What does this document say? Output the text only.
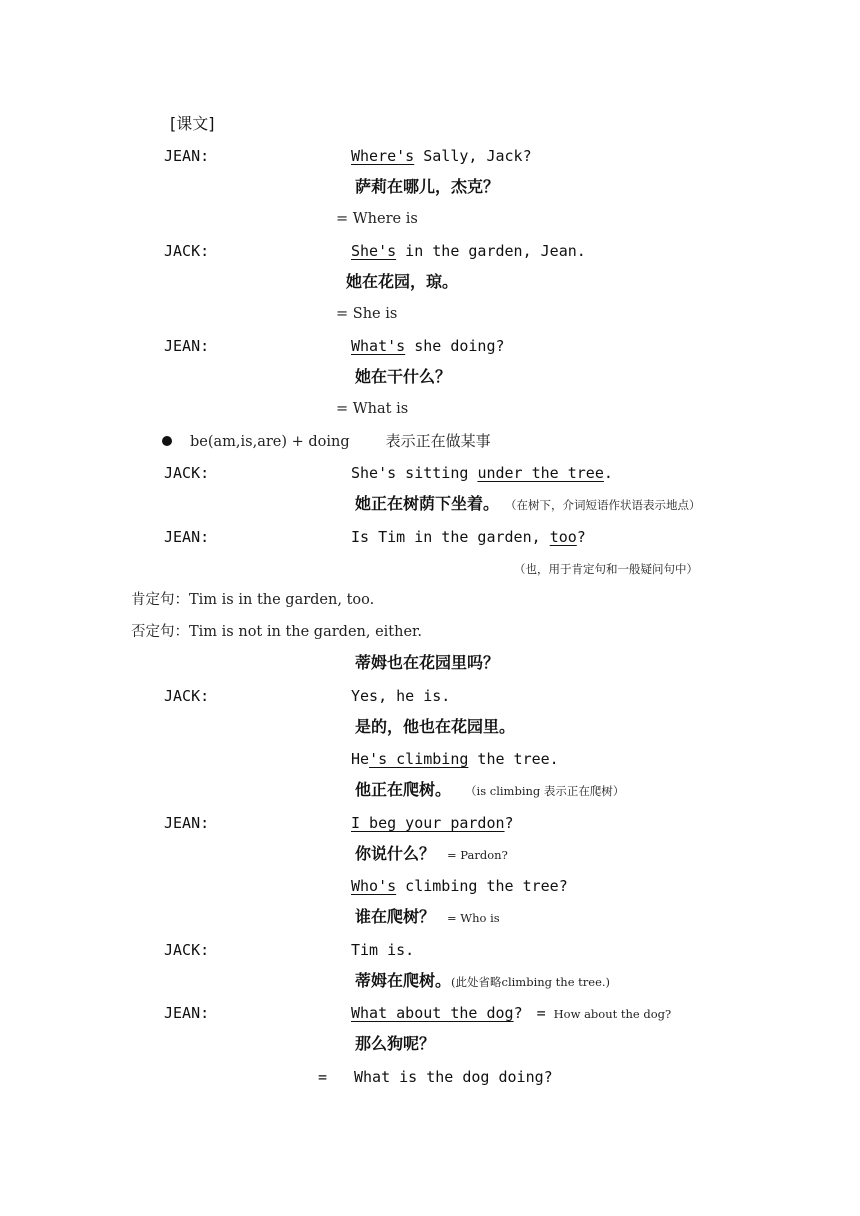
[课文]
JEAN:	Where's Sally, Jack?
萨莉在哪儿，杰克？
= Where is
JACK:	She's in the garden, Jean.
她在花园，琼。
= She is
JEAN:	What's she doing?
她在干什么？
= What is
be(am,is,are) + doing 表示正在做某事
JACK:	She's sitting under the tree.
她正在树荫下坐着。 （在树下，介词短语作状语表示地点）
JEAN:	Is Tim in the garden, too?
（也，用于肯定句和一般疑问句中）
肯定句：Tim is in the garden, too.
否定句：Tim is not in the garden, either.
蒂姆也在花园里吗？
JACK:	Yes, he is.
是的，他也在花园里。
He's climbing the tree.
他正在爬树。 （is climbing 表示正在爬树）
JEAN:	I beg your pardon?
你说什么？ = Pardon?
Who's climbing the tree?
谁在爬树？ = Who is
JACK:	Tim is.
蒂姆在爬树。(此处省略climbing the tree.)
JEAN:	What about the dog? = How about the dog?
那么狗呢？
= What is the dog doing?
